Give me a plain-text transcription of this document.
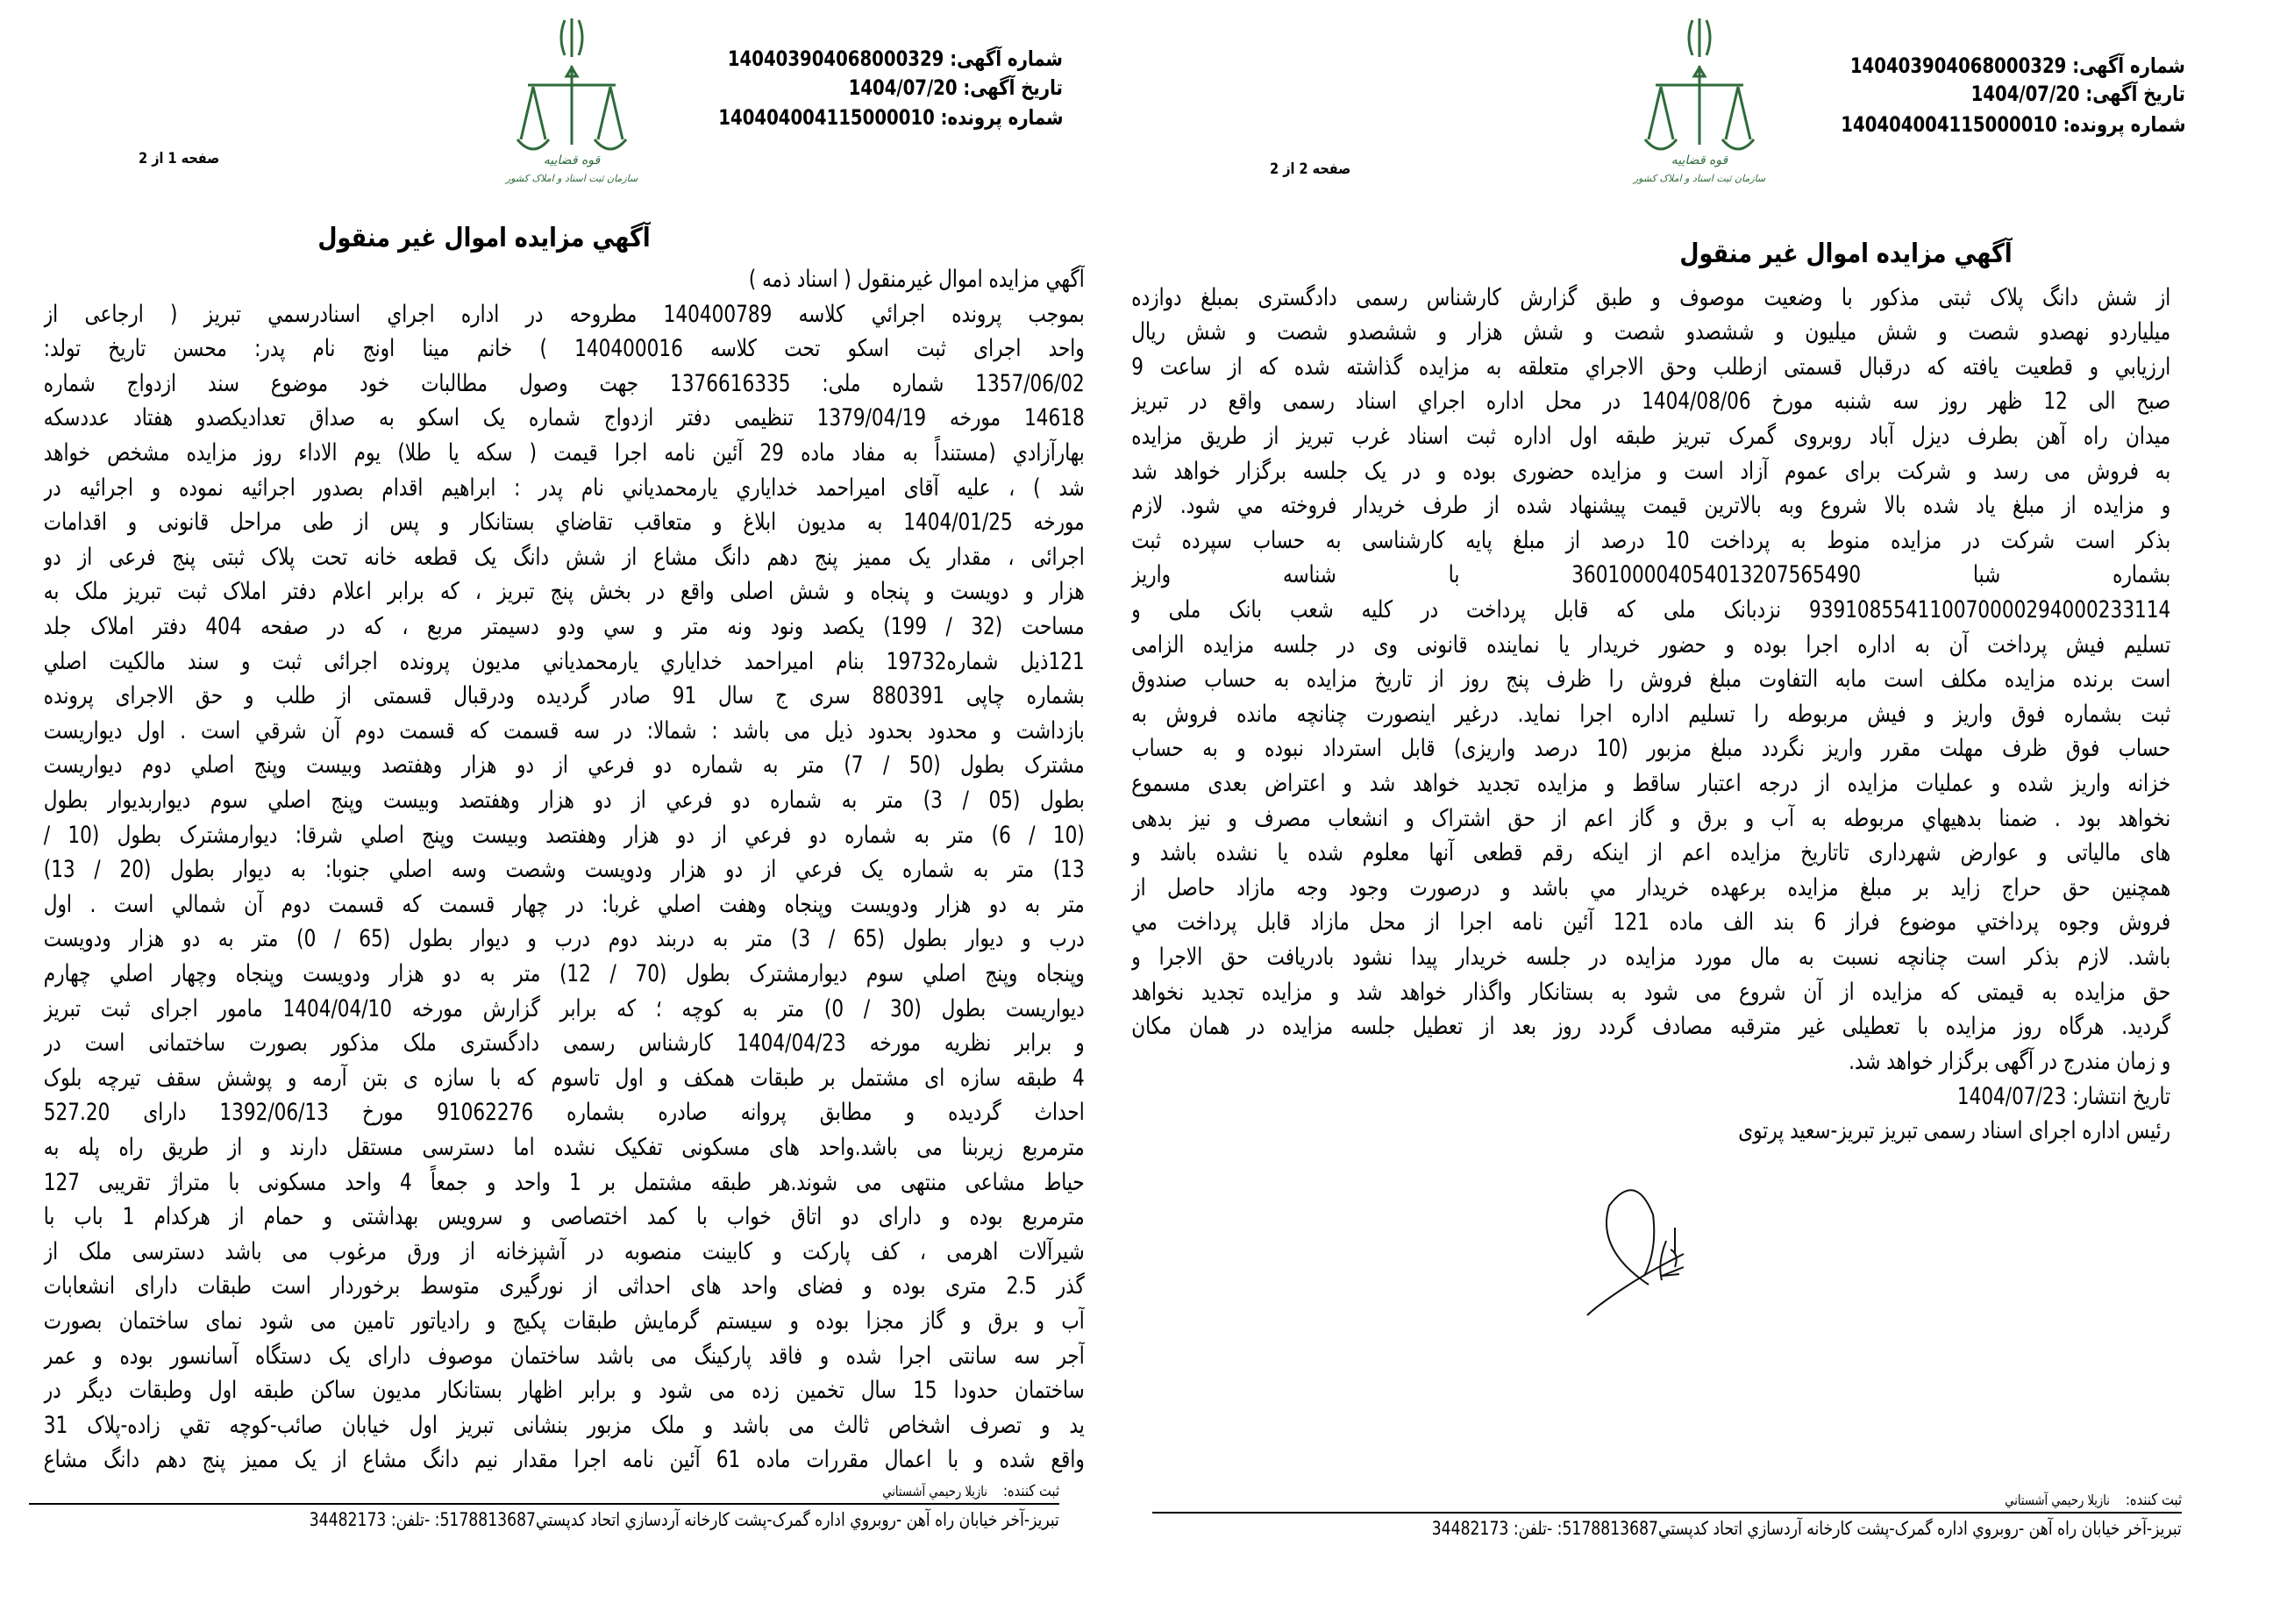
شماره آگهی: 140403904068000329
تاریخ آگهی: 1404/07/20
شماره پرونده: 140404004115000010
قوه قضاییه
سازمان ثبت اسناد و املاک کشور
صفحه 1 از 2
آگهي مزايده اموال غير منقول
آگهي مزايده اموال غيرمنقول ( اسناد ذمه )
بموجب پرونده اجرائي كلاسه 140400789 مطروحه در اداره اجراي اسنادرسمي تبريز ( ارجاعی از
واحد اجرای ثبت اسکو تحت کلاسه 140400016 ) خانم مینا اونج نام پدر: محسن تاریخ تولد:
1357/06/02 شماره ملی: 1376616335 جهت وصول مطالبات خود موضوع سند ازدواج شماره
14618 مورخه 1379/04/19 تنظیمی دفتر ازدواج شماره یک اسکو به صداق تعدادیکصدو هفتاد عددسکه
بهارآزادي (مستنداً به مفاد ماده 29 آئین نامه اجرا قیمت ( سکه یا طلا) یوم الاداء روز مزایده مشخص خواهد
شد ) ، علیه آقای امیراحمد خدایاري یارمحمدياني نام پدر : ابراهیم اقدام بصدور اجرائیه نموده و اجرائیه در
مورخه 1404/01/25 به مدیون ابلاغ و متعاقب تقاضاي بستانکار و پس از طی مراحل قانونی و اقدامات
اجرائی ، مقدار یک ممیز پنج دهم دانگ مشاع از شش دانگ یک قطعه خانه تحت پلاک ثبتی پنج فرعی از دو
هزار و دویست و پنجاه و شش اصلی واقع در بخش پنج تبریز ، که برابر اعلام دفتر املاک ثبت تبریز ملک به
مساحت (32 / 199) یکصد ونود ونه متر و سي ودو دسیمتر مربع ، که در صفحه 404 دفتر املاک جلد
121ذیل شماره19732 بنام امیراحمد خدایاري یارمحمدياني مدیون پرونده اجرائی ثبت و سند مالکیت اصلي
بشماره چاپی 880391 سری ج سال 91 صادر گردیده ودرقبال قسمتی از طلب و حق الاجرای پرونده
بازداشت و محدود بحدود ذیل می باشد : شمالا: در سه قسمت که قسمت دوم آن شرقي است . اول دیواریست
مشترک بطول (50 / 7) متر به شماره دو فرعي از دو هزار وهفتصد وبیست وپنج اصلي دوم دیواریست
بطول (05 / 3) متر به شماره دو فرعي از دو هزار وهفتصد وبیست وپنج اصلي سوم دیواربدیوار بطول
(10 / 6) متر به شماره دو فرعي از دو هزار وهفتصد وبیست وپنج اصلي شرقا: دیوارمشترک بطول (10 /
13) متر به شماره یک فرعي از دو هزار ودویست وشصت وسه اصلي جنوبا: به دیوار بطول (20 / 13)
متر به دو هزار ودویست وپنجاه وهفت اصلي غربا: در چهار قسمت که قسمت دوم آن شمالي است . اول
درب و دیوار بطول (65 / 3) متر به دربند دوم درب و دیوار بطول (65 / 0) متر به دو هزار ودویست
وپنجاه وپنج اصلي سوم دیوارمشترک بطول (70 / 12) متر به دو هزار ودویست وپنجاه وچهار اصلي چهارم
دیواریست بطول (30 / 0) متر به کوچه ؛ که برابر گزارش مورخه 1404/04/10 مامور اجرای ثبت تبریز
و برابر نظریه مورخه 1404/04/23 کارشناس رسمی دادگستری ملک مذکور بصورت ساختمانی است در
4 طبقه سازه ای مشتمل بر طبقات همکف و اول تاسوم که با سازه ی بتن آرمه و پوشش سقف تیرچه بلوک
احداث گردیده و مطابق پروانه صادره بشماره 91062276 مورخ 1392/06/13 دارای 527.20
مترمربع زیربنا می باشد.واحد های مسکونی تفکیک نشده اما دسترسی مستقل دارند و از طریق راه پله به
حیاط مشاعی منتهی می شوند.هر طبقه مشتمل بر 1 واحد و جمعاً 4 واحد مسکونی با متراژ تقریبی 127
مترمربع بوده و دارای دو اتاق خواب با کمد اختصاصی و سرویس بهداشتی و حمام از هرکدام 1 باب با
شیرآلات اهرمی ، کف پارکت و کابینت منصوبه در آشپزخانه از ورق مرغوب می باشد دسترسی ملک از
گذر 2.5 متری بوده و فضای واحد های احداثی از نورگیری متوسط برخوردار است طبقات دارای انشعابات
آب و برق و گاز مجزا بوده و سیستم گرمایش طبقات پکیج و رادیاتور تامین می شود نمای ساختمان بصورت
آجر سه سانتی اجرا شده و فاقد پارکینگ می باشد ساختمان موصوف دارای یک دستگاه آسانسور بوده و عمر
ساختمان حدودا 15 سال تخمین زده می شود و برابر اظهار بستانکار مدیون ساکن طبقه اول وطبقات دیگر در
ید و تصرف اشخاص ثالث می باشد و ملک مزبور بنشانی تبریز اول خیابان صائب-کوچه تقي زاده-پلاک 31
واقع شده و با اعمال مقررات ماده 61 آئین نامه اجرا مقدار نیم دانگ مشاع از یک ممیز پنج دهم دانگ مشاع
ثبت کننده:نازیلا رحیمي آشستاني
تبریز-آخر خیابان راه آهن -روبروي اداره گمرک-پشت کارخانه آردسازي اتحاد کدپستي5178813687: -تلفن: 34482173
شماره آگهی: 140403904068000329
تاریخ آگهی: 1404/07/20
شماره پرونده: 140404004115000010
قوه قضاییه
سازمان ثبت اسناد و املاک کشور
صفحه 2 از 2
آگهي مزايده اموال غير منقول
از شش دانگ پلاک ثبتی مذکور با وضعیت موصوف و طبق گزارش کارشناس رسمی دادگستری بمبلغ دوازده
میلیاردو نهصدو شصت و شش میلیون و ششصدو شصت و شش هزار و ششصدو شصت و شش ریال
ارزيابي و قطعيت يافته كه درقبال قسمتی ازطلب وحق الاجراي متعلقه به مزايده گذاشته شده كه از ساعت 9
صبح الی 12 ظهر روز سه شنبه مورخ 1404/08/06 در محل اداره اجراي اسناد رسمی واقع در تبریز
میدان راه آهن بطرف دیزل آباد روبروی گمرک تبریز طبقه اول اداره ثبت اسناد غرب تبریز از طریق مزایده
به فروش می رسد و شرکت برای عموم آزاد است و مزایده حضوری بوده و در یک جلسه برگزار خواهد شد
و مزايده از مبلغ ياد شده بالا شروع وبه بالاترين قيمت پيشنهاد شده از طرف خريدار فروخته مي شود. لازم
بذکر است شرکت در مزایده منوط به پرداخت 10 درصد از مبلغ پایه کارشناسی به حساب سپرده ثبت
بشماره شبا 360100004054013207565490 با شناسه واریز
939108554110070000294000233114 نزدبانک ملی که قابل پرداخت در کلیه شعب بانک ملی و
تسلیم فیش پرداخت آن به اداره اجرا بوده و حضور خریدار یا نماینده قانونی وی در جلسه مزایده الزامی
است برنده مزایده مکلف است مابه التفاوت مبلغ فروش را ظرف پنج روز از تاریخ مزایده به حساب صندوق
ثبت بشماره فوق واریز و فیش مربوطه را تسلیم اداره اجرا نماید. درغیر اینصورت چنانچه مانده فروش به
حساب فوق ظرف مهلت مقرر واریز نگردد مبلغ مزبور (10 درصد واریزی) قابل استرداد نبوده و به حساب
خزانه واریز شده و عملیات مزایده از درجه اعتبار ساقط و مزایده تجدید خواهد شد و اعتراض بعدی مسموع
نخواهد بود . ضمنا بدهیهاي مربوطه به آب و برق و گاز اعم از حق اشتراک و انشعاب مصرف و نیز بدهی
های مالیاتی و عوارض شهرداری تاتاریخ مزایده اعم از اینکه رقم قطعی آنها معلوم شده یا نشده باشد و
همچنین حق حراج زاید بر مبلغ مزایده برعهده خریدار مي باشد و درصورت وجود وجه مازاد حاصل از
فروش وجوه پرداختي موضوع فراز 6 بند الف ماده 121 آئین نامه اجرا از محل مازاد قابل پرداخت مي
باشد. لازم بذکر است چنانچه نسبت به مال مورد مزایده در جلسه خریدار پیدا نشود بادریافت حق الاجرا و
حق مزایده به قیمتی که مزایده از آن شروع می شود به بستانکار واگذار خواهد شد و مزایده تجدید نخواهد
گردید. هرگاه روز مزایده با تعطیلی غیر مترقبه مصادف گردد روز بعد از تعطیل جلسه مزایده در همان مکان
و زمان مندرج در آگهی برگزار خواهد شد.
تاریخ انتشار: 1404/07/23
رئیس اداره اجرای اسناد رسمی تبریز تبریز-سعید پرتوی
ثبت کننده:نازیلا رحیمي آشستاني
تبریز-آخر خیابان راه آهن -روبروي اداره گمرک-پشت کارخانه آردسازي اتحاد کدپستي5178813687: -تلفن: 34482173
